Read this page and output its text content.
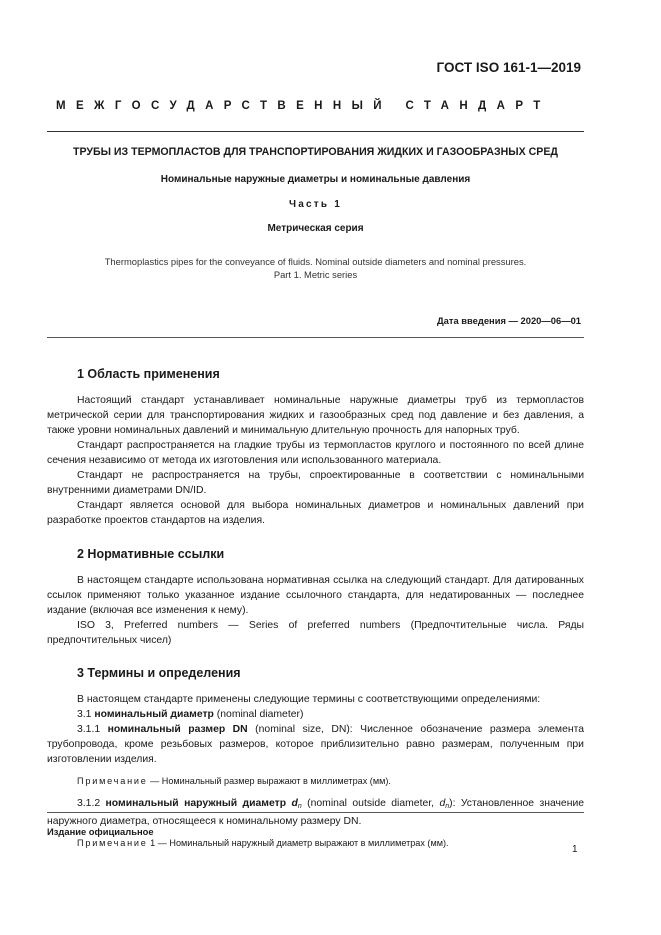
ГОСТ ISO 161-1—2019
МЕЖГОСУДАРСТВЕННЫЙ СТАНДАРТ
ТРУБЫ ИЗ ТЕРМОПЛАСТОВ ДЛЯ ТРАНСПОРТИРОВАНИЯ ЖИДКИХ И ГАЗООБРАЗНЫХ СРЕД
Номинальные наружные диаметры и номинальные давления
Часть 1
Метрическая серия
Thermoplastics pipes for the conveyance of fluids. Nominal outside diameters and nominal pressures.
Part 1. Metric series
Дата введения — 2020—06—01
1 Область применения

Настоящий стандарт устанавливает номинальные наружные диаметры труб из термопластов метрической серии для транспортирования жидких и газообразных сред под давление и без давления, а также уровни номинальных давлений и минимальную длительную прочность для напорных труб.

Стандарт распространяется на гладкие трубы из термопластов круглого и постоянного по всей длине сечения независимо от метода их изготовления или использованного материала.

Стандарт не распространяется на трубы, спроектированные в соответствии с номинальными внутренними диаметрами DN/ID.

Стандарт является основой для выбора номинальных диаметров и номинальных давлений при разработке проектов стандартов на изделия.

2 Нормативные ссылки

В настоящем стандарте использована нормативная ссылка на следующий стандарт. Для датированных ссылок применяют только указанное издание ссылочного стандарта, для недатированных — последнее издание (включая все изменения к нему).

ISO 3, Preferred numbers — Series of preferred numbers (Предпочтительные числа. Ряды предпочтительных чисел)

3 Термины и определения

В настоящем стандарте применены следующие термины с соответствующими определениями:

3.1 номинальный диаметр (nominal diameter)

3.1.1 номинальный размер DN (nominal size, DN): Численное обозначение размера элемента трубопровода, кроме резьбовых размеров, которое приблизительно равно размерам, полученным при изготовлении изделия.

Примечание — Номинальный размер выражают в миллиметрах (мм).

3.1.2 номинальный наружный диаметр $d_n$ (nominal outside diameter, $d_n$): Установленное значение наружного диаметра, относящееся к номинальному размеру DN.

Примечание 1 — Номинальный наружный диаметр выражают в миллиметрах (мм).

Издание официальное
1
